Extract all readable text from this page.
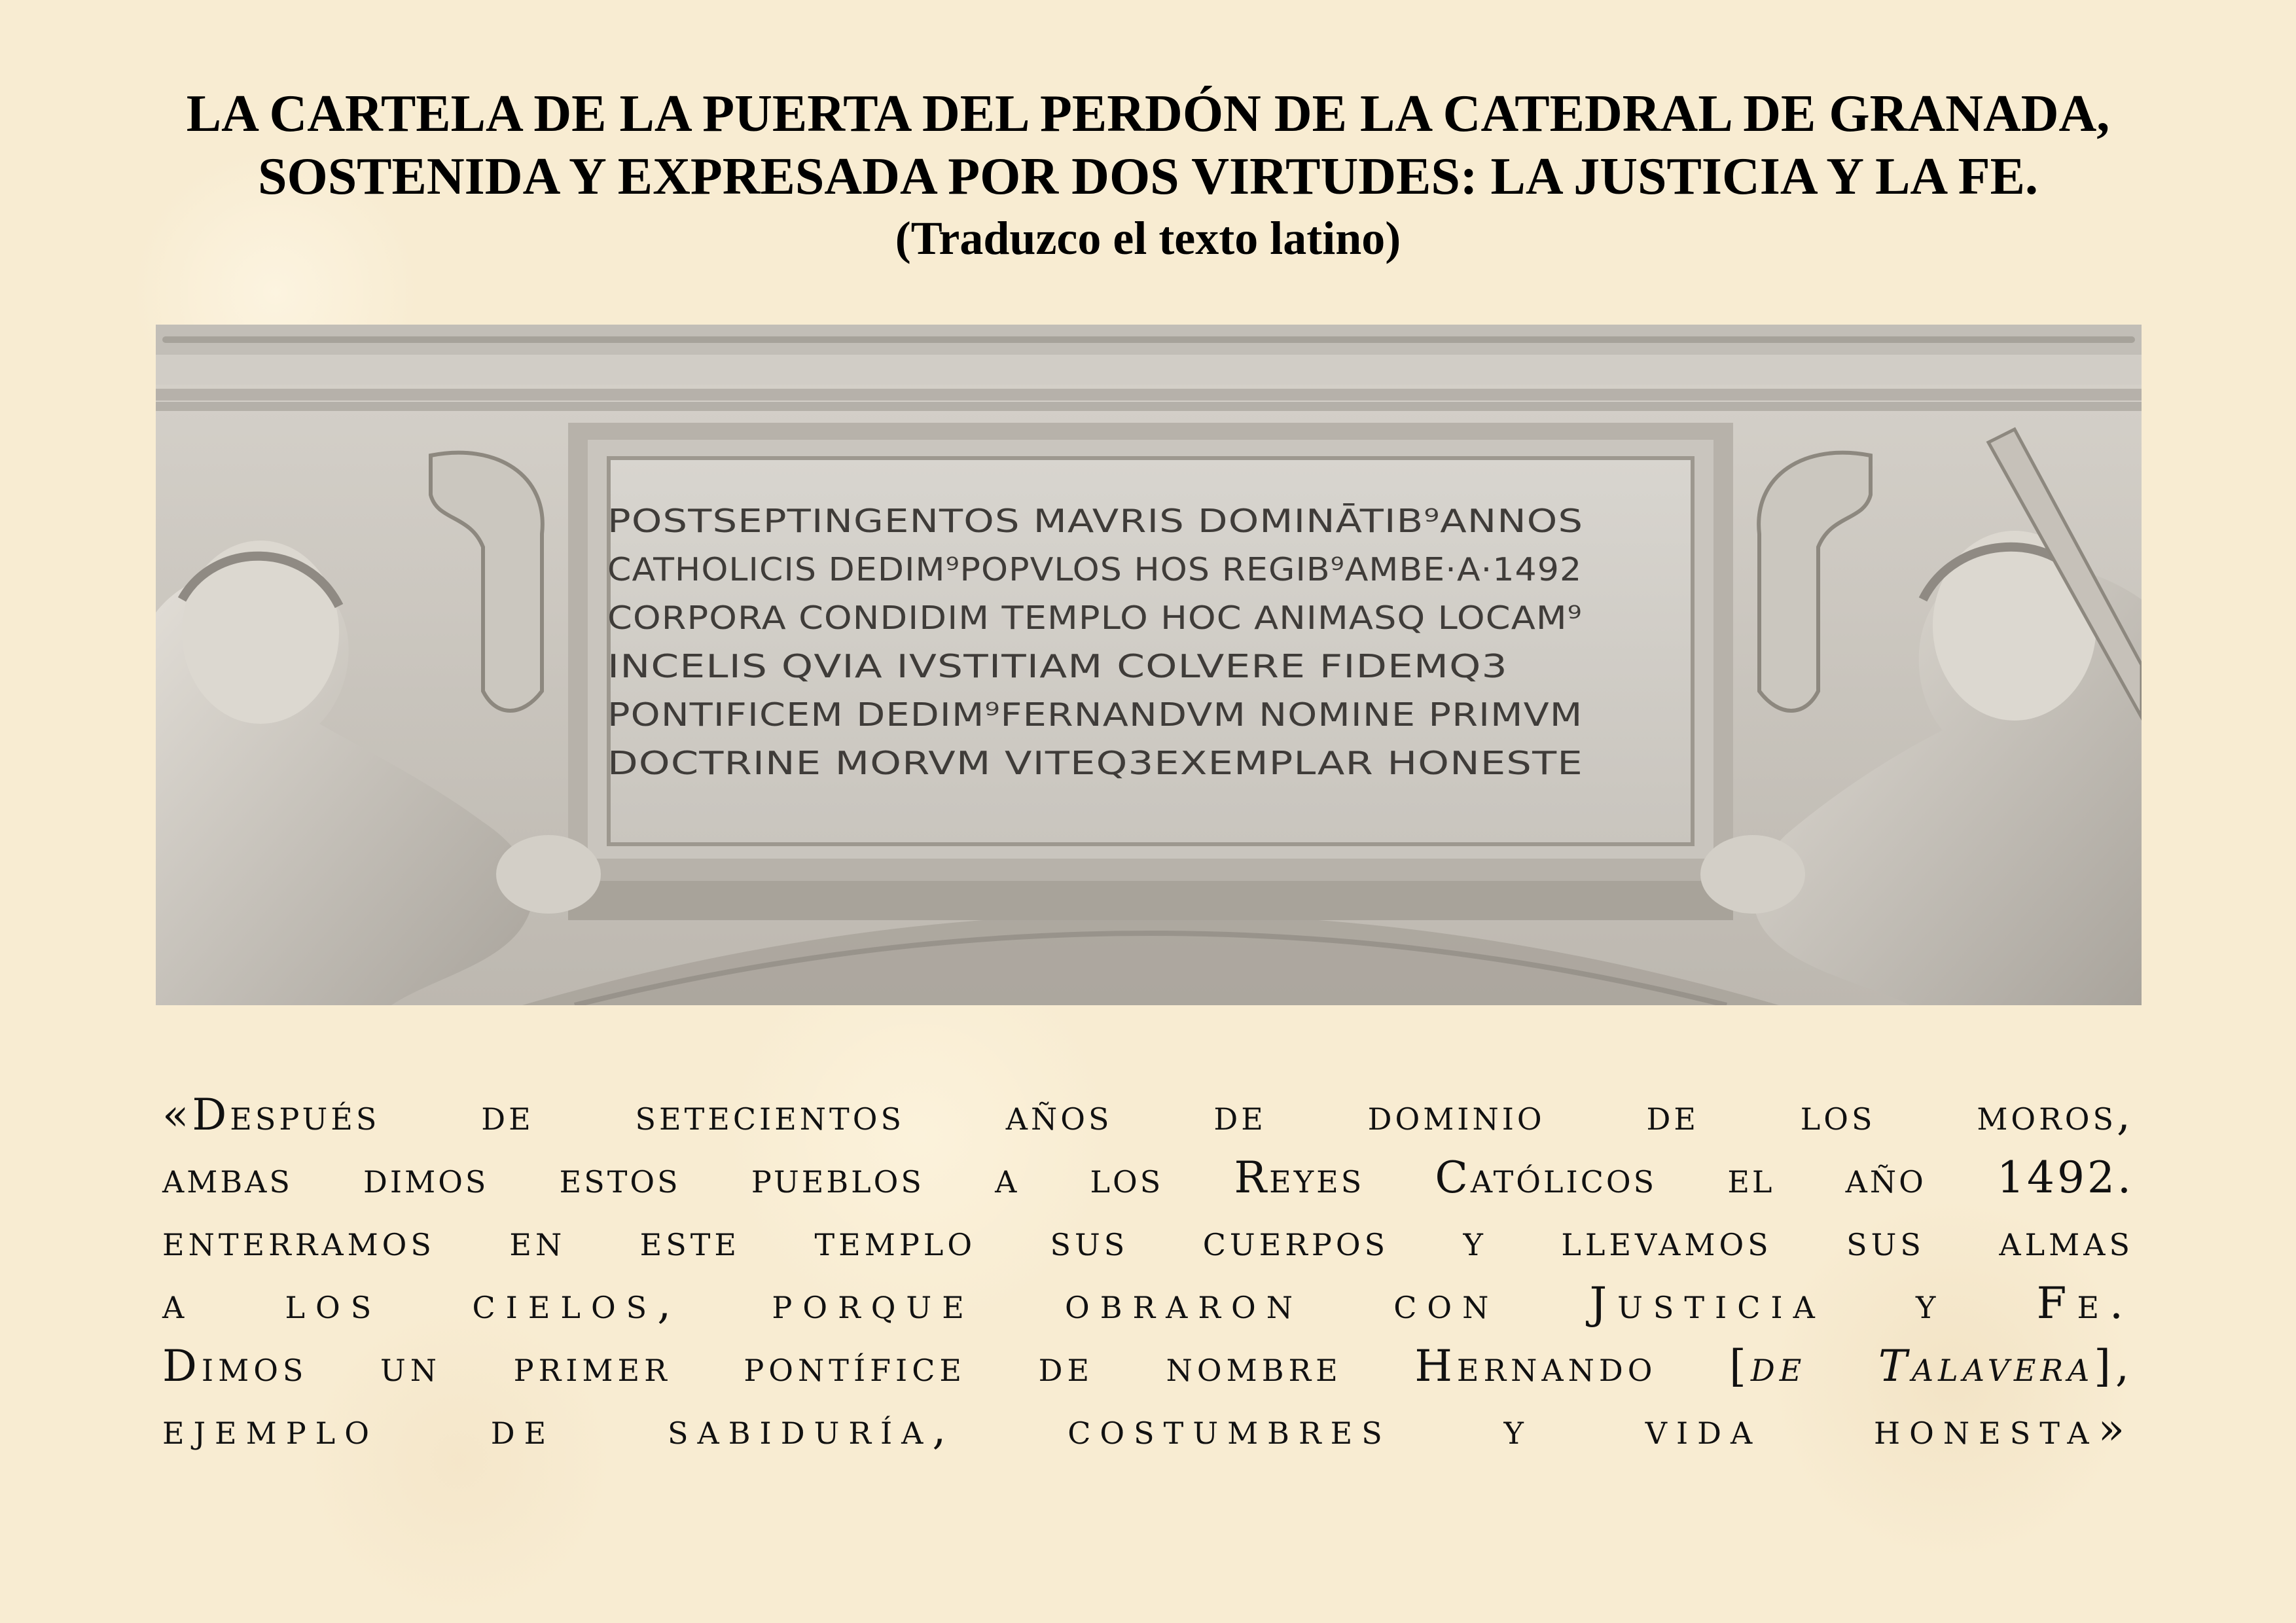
LA CARTELA DE LA PUERTA DEL PERDÓN DE LA CATEDRAL DE GRANADA,

SOSTENIDA Y EXPRESADA POR DOS VIRTUDES: LA JUSTICIA Y LA FE.

(Traduzco el texto latino)

POSTSEPTINGENTOS MAVRIS DOMINĀTIB⁹ANNOS
CATHOLICIS DEDIM⁹POPVLOS HOS REGIB⁹AMBE·A·1492
CORPORA CONDIDIM TEMPLO HOC ANIMASQ LOCAM⁹
INCELIS QVIA IVSTITIAM COLVERE FIDEMQ3
PONTIFICEM DEDIM⁹FERNANDVM NOMINE PRIMVM
DOCTRINE MORVM VITEQ3EXEMPLAR HONESTE
«Después de setecientos años de dominio de los moros,
ambas dimos estos pueblos a los Reyes Católicos el año 1492.
enterramos en este templo sus cuerpos y llevamos sus almas
a los cielos, porque obraron con Justicia y Fe.
Dimos un primer pontífice de nombre Hernando [de Talavera],
ejemplo de sabiduría, costumbres y vida honesta»
